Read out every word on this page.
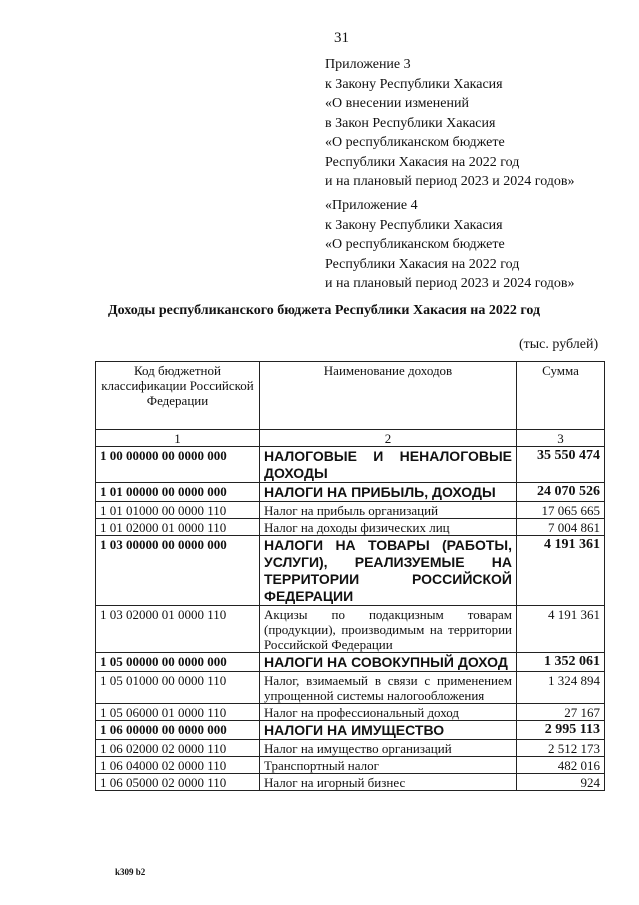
31
Приложение 3
к Закону Республики Хакасия
«О внесении изменений
в Закон Республики Хакасия
«О республиканском бюджете
Республики Хакасия на 2022 год
и на плановый период 2023 и 2024 годов»
«Приложение 4
к Закону Республики Хакасия
«О республиканском бюджете
Республики Хакасия на 2022 год
и на плановый период 2023 и 2024 годов»
Доходы республиканского бюджета Республики Хакасия на 2022 год
(тыс. рублей)
Код бюджетной классификации Российской Федерации	Наименование доходов	Сумма
1	2	3
1 00 00000 00 0000 000	НАЛОГОВЫЕ И НЕНАЛОГОВЫЕ ДОХОДЫ	35 550 474
1 01 00000 00 0000 000	НАЛОГИ НА ПРИБЫЛЬ, ДОХОДЫ	24 070 526
1 01 01000 00 0000 110	Налог на прибыль организаций	17 065 665
1 01 02000 01 0000 110	Налог на доходы физических лиц	7 004 861
1 03 00000 00 0000 000	НАЛОГИ НА ТОВАРЫ (РАБОТЫ, УСЛУГИ), РЕАЛИЗУЕМЫЕ НА ТЕРРИТОРИИ РОССИЙСКОЙ ФЕДЕРАЦИИ	4 191 361
1 03 02000 01 0000 110	Акцизы по подакцизным товарам (продукции), производимым на территории Российской Федерации	4 191 361
1 05 00000 00 0000 000	НАЛОГИ НА СОВОКУПНЫЙ ДОХОД	1 352 061
1 05 01000 00 0000 110	Налог, взимаемый в связи с применением упрощенной системы налогообложения	1 324 894
1 05 06000 01 0000 110	Налог на профессиональный доход	27 167
1 06 00000 00 0000 000	НАЛОГИ НА ИМУЩЕСТВО	2 995 113
1 06 02000 02 0000 110	Налог на имущество организаций	2 512 173
1 06 04000 02 0000 110	Транспортный налог	482 016
1 06 05000 02 0000 110	Налог на игорный бизнес	924
k309 b2
